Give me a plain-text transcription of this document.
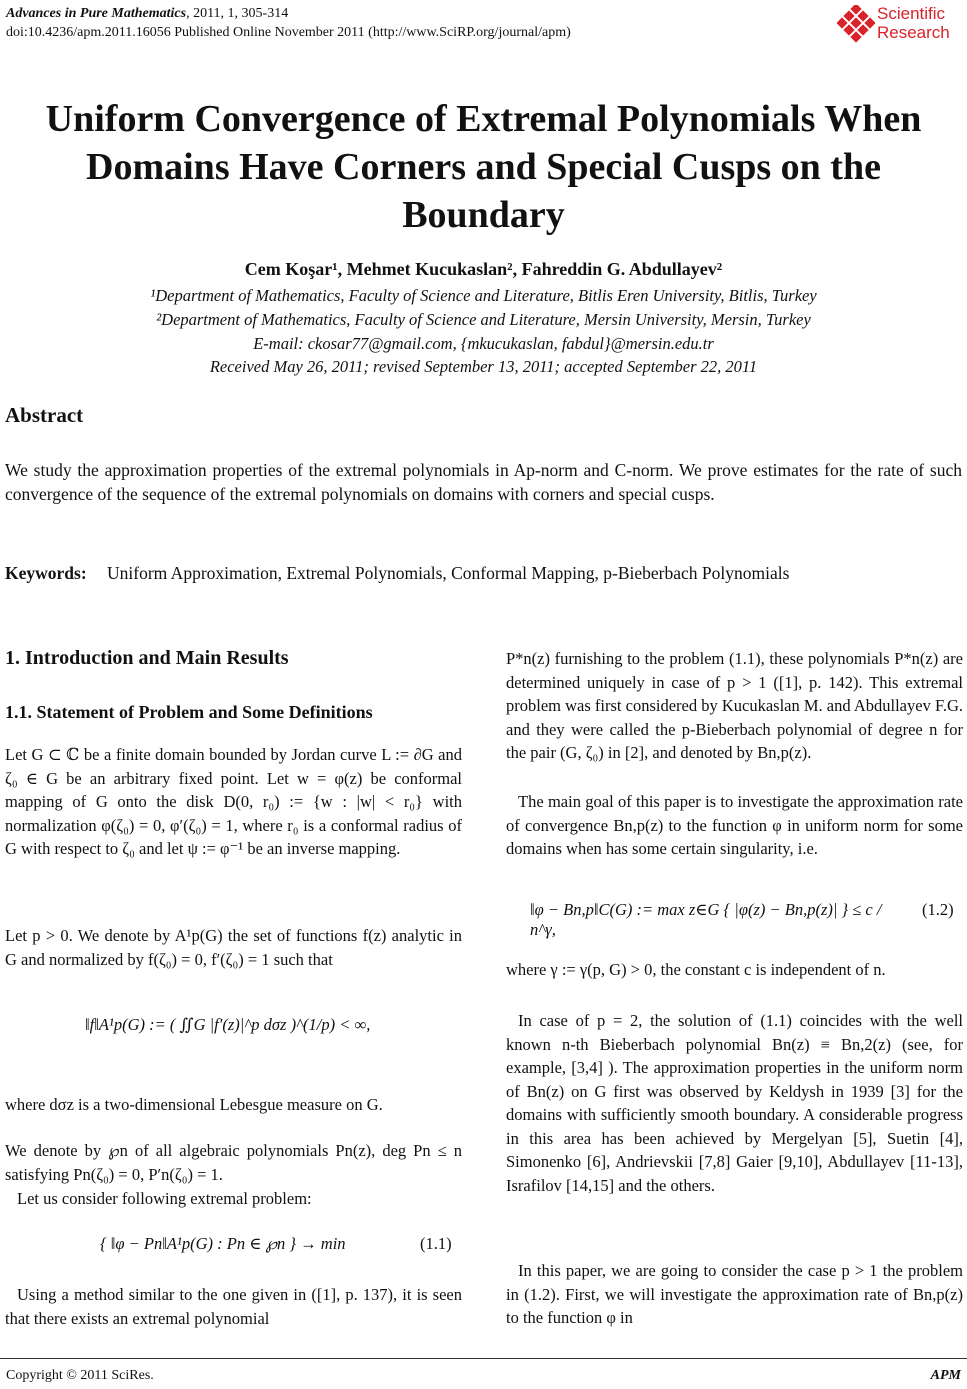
Advances in Pure Mathematics, 2011, 1, 305-314
doi:10.4236/apm.2011.16056 Published Online November 2011 (http://www.SciRP.org/journal/apm)
Scientific
Research
Uniform Convergence of Extremal Polynomials When Domains Have Corners and Special Cusps on the Boundary
Cem Koşar¹, Mehmet Kucukaslan², Fahreddin G. Abdullayev²
¹Department of Mathematics, Faculty of Science and Literature, Bitlis Eren University, Bitlis, Turkey
²Department of Mathematics, Faculty of Science and Literature, Mersin University, Mersin, Turkey
E-mail: ckosar77@gmail.com, {mkucukaslan, fabdul}@mersin.edu.tr
Received May 26, 2011; revised September 13, 2011; accepted September 22, 2011
Abstract
We study the approximation properties of the extremal polynomials in Ap-norm and C-norm. We prove estimates for the rate of such convergence of the sequence of the extremal polynomials on domains with corners and special cusps.
Keywords:	Uniform Approximation, Extremal Polynomials, Conformal Mapping, p-Bieberbach Polynomials
1. Introduction and Main Results
1.1. Statement of Problem and Some Definitions
Let G ⊂ ℂ be a finite domain bounded by Jordan curve L := ∂G and ζ₀ ∈ G be an arbitrary fixed point. Let w = φ(z) be conformal mapping of G onto the disk D(0, r₀) := {w : |w| < r₀} with normalization φ(ζ₀) = 0, φ′(ζ₀) = 1, where r₀ is a conformal radius of G with respect to ζ₀ and let ψ := φ⁻¹ be an inverse mapping.
Let p > 0. We denote by A¹p(G) the set of functions f(z) analytic in G and normalized by f(ζ₀) = 0, f′(ζ₀) = 1 such that
‖f‖A¹p(G) := ( ∬G |f′(z)|^p dσz )^(1/p) < ∞,
where dσz is a two-dimensional Lebesgue measure on G.
We denote by ℘n of all algebraic polynomials Pn(z), deg Pn ≤ n satisfying Pn(ζ₀) = 0, P′n(ζ₀) = 1.
Let us consider following extremal problem:
{ ‖φ − Pn‖A¹p(G) : Pn ∈ ℘n } → min	(1.1)
Using a method similar to the one given in ([1], p. 137), it is seen that there exists an extremal polynomial
P*n(z) furnishing to the problem (1.1), these polynomials P*n(z) are determined uniquely in case of p > 1 ([1], p. 142). This extremal problem was first considered by Kucukaslan M. and Abdullayev F.G. and they were called the p-Bieberbach polynomial of degree n for the pair (G, ζ₀) in [2], and denoted by Bn,p(z).
The main goal of this paper is to investigate the approximation rate of convergence Bn,p(z) to the function φ in uniform norm for some domains when has some certain singularity, i.e.
‖φ − Bn,p‖C(G) := max z∈G { |φ(z) − Bn,p(z)| } ≤ c / n^γ,
(1.2)
where γ := γ(p, G) > 0, the constant c is independent of n.
In case of p = 2, the solution of (1.1) coincides with the well known n-th Bieberbach polynomial Bn(z) ≡ Bn,2(z) (see, for example, [3,4] ). The approximation properties in the uniform norm of Bn(z) on G first was observed by Keldysh in 1939 [3] for the domains with sufficiently smooth boundary. A considerable progress in this area has been achieved by Mergelyan [5], Suetin [4], Simonenko [6], Andrievskii [7,8] Gaier [9,10], Abdullayev [11-13], Israfilov [14,15] and the others.
In this paper, we are going to consider the case p > 1 the problem in (1.2). First, we will investigate the approximation rate of Bn,p(z) to the function φ in
Copyright © 2011 SciRes.	APM
